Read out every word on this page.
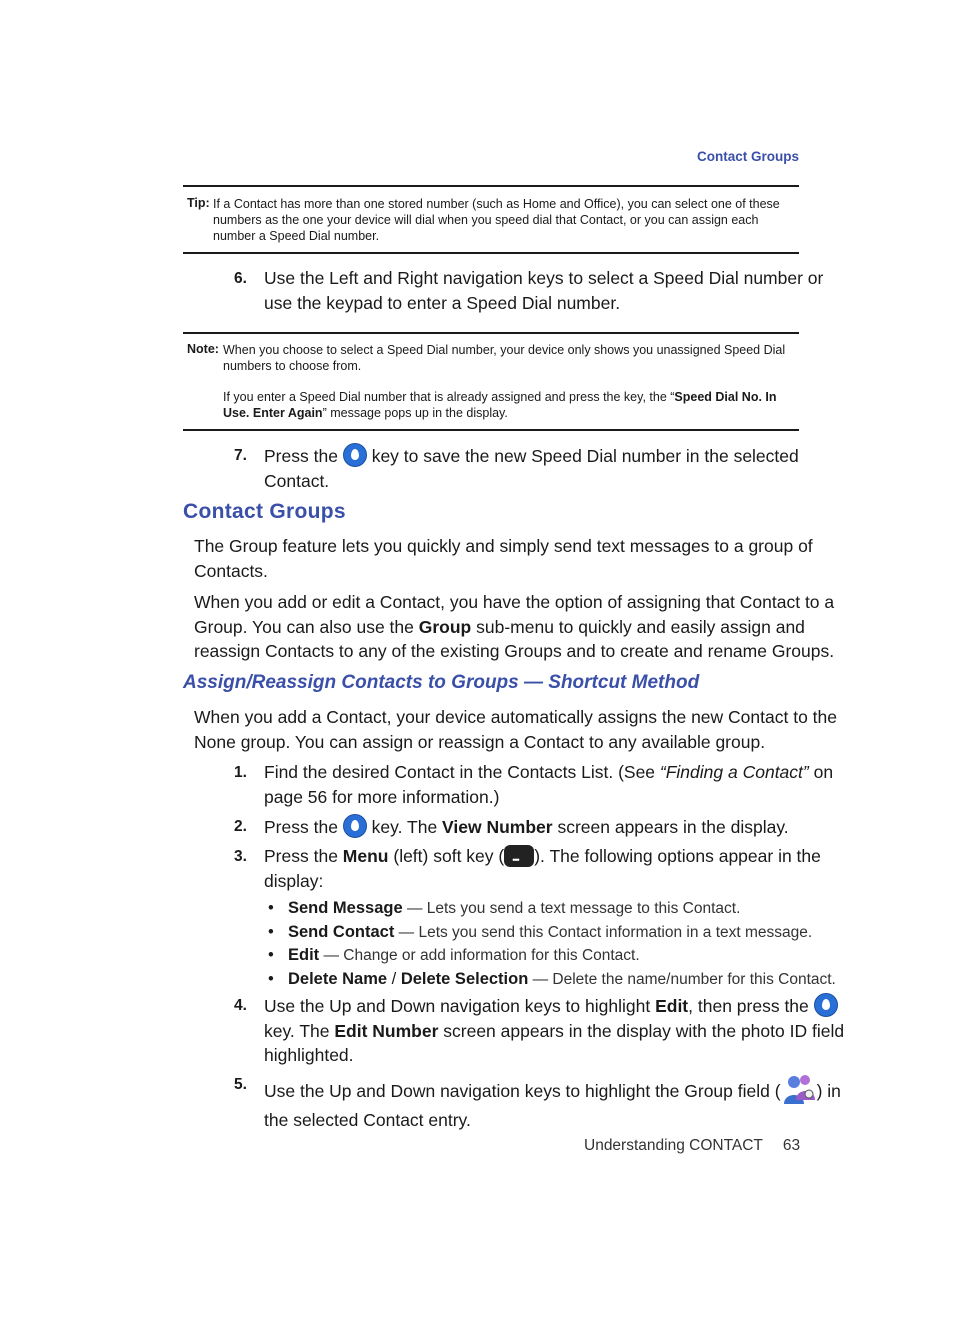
Contact Groups
Tip: If a Contact has more than one stored number (such as Home and Office), you can select one of these
numbers as the one your device will dial when you speed dial that Contact, or you can assign each
number a Speed Dial number.
6. Use the Left and Right navigation keys to select a Speed Dial number or
use the keypad to enter a Speed Dial number.
Note: When you choose to select a Speed Dial number, your device only shows you unassigned Speed Dial
numbers to choose from.
If you enter a Speed Dial number that is already assigned and press the key, the “Speed Dial No. In
Use. Enter Again” message pops up in the display.
7. Press the key to save the new Speed Dial number in the selected
Contact.
Contact Groups
The Group feature lets you quickly and simply send text messages to a group of
Contacts.
When you add or edit a Contact, you have the option of assigning that Contact to a
Group. You can also use the Group sub-menu to quickly and easily assign and
reassign Contacts to any of the existing Groups and to create and rename Groups.
Assign/Reassign Contacts to Groups — Shortcut Method
When you add a Contact, your device automatically assigns the new Contact to the
None group. You can assign or reassign a Contact to any available group.
1. Find the desired Contact in the Contacts List. (See “Finding a Contact” on
page 56 for more information.)
2. Press the  key. The View Number screen appears in the display.
3. Press the Menu (left) soft key (••• ). The following options appear in the
display:
• Send Message — Lets you send a text message to this Contact.
• Send Contact — Lets you send this Contact information in a text message.
• Edit — Change or add information for this Contact.
• Delete Name / Delete Selection — Delete the name/number for this Contact.
4. Use the Up and Down navigation keys to highlight Edit, then press the
key. The Edit Number screen appears in the display with the photo ID field
highlighted.
5. Use the Up and Down navigation keys to highlight the Group field ( ) in
the selected Contact entry.
Understanding CONTACT 63
